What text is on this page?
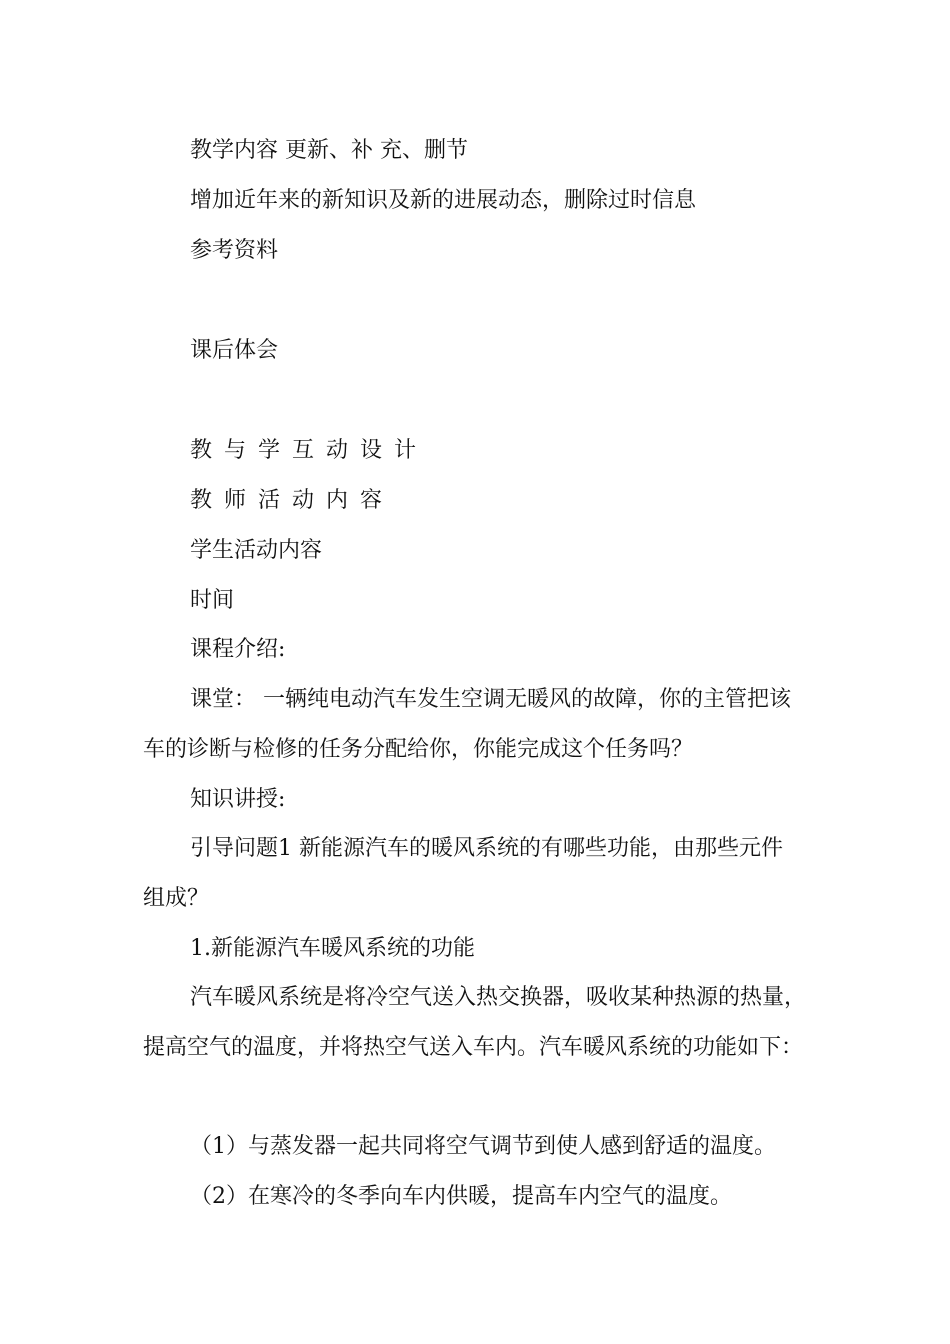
教学内容 更新、补 充、删节
增加近年来的新知识及新的进展动态，删除过时信息
参考资料
课后体会
教与学互动设计
教师活动内容
学生活动内容
时间
课程介绍:
课堂： 一辆纯电动汽车发生空调无暖风的故障，你的主管把该
车的诊断与检修的任务分配给你，你能完成这个任务吗？
知识讲授:
引导问题1 新能源汽车的暖风系统的有哪些功能，由那些元件
组成？
1.新能源汽车暖风系统的功能
汽车暖风系统是将冷空气送入热交换器，吸收某种热源的热量，
提高空气的温度，并将热空气送入车内。汽车暖风系统的功能如下：
（1）与蒸发器一起共同将空气调节到使人感到舒适的温度。
（2）在寒冷的冬季向车内供暖，提高车内空气的温度。
